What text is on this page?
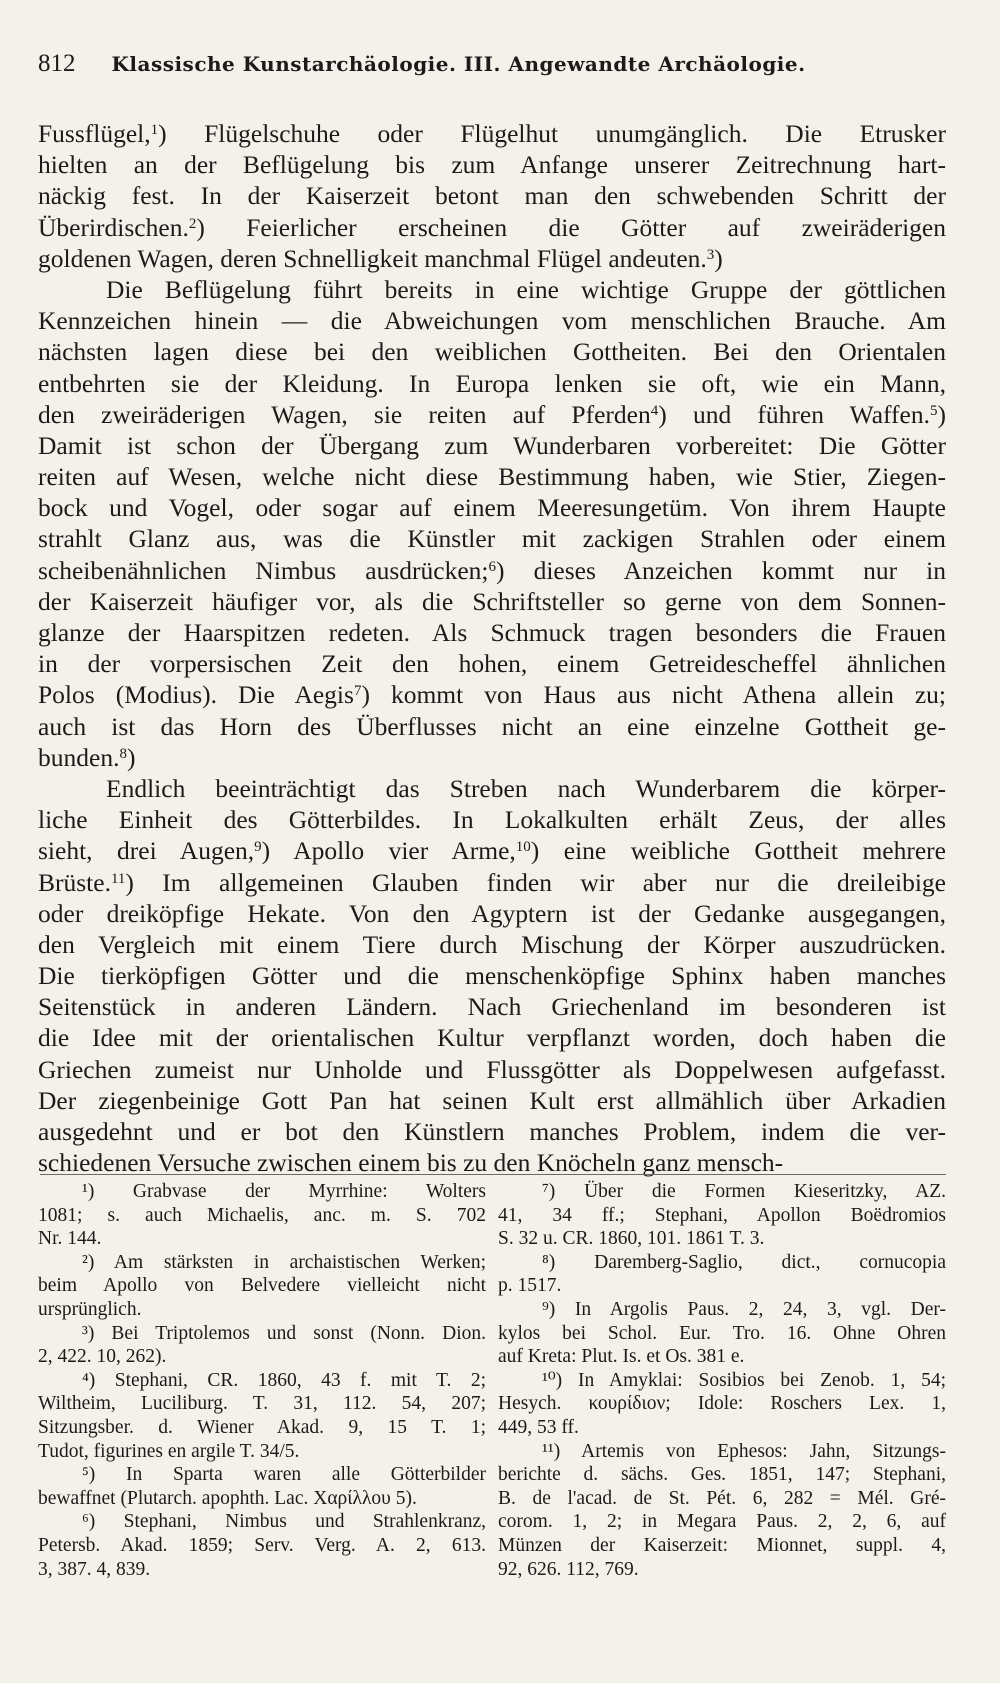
812 Klassische Kunstarchäologie. III. Angewandte Archäologie.
Fussflügel,$^1$) Flügelschuhe oder Flügelhut unumgänglich. Die Etrusker
hielten an der Beflügelung bis zum Anfange unserer Zeitrechnung hart-
näckig fest. In der Kaiserzeit betont man den schwebenden Schritt der
Überirdischen.$^2$) Feierlicher erscheinen die Götter auf zweiräderigen
goldenen Wagen, deren Schnelligkeit manchmal Flügel andeuten.$^3$)
Die Beflügelung führt bereits in eine wichtige Gruppe der göttlichen
Kennzeichen hinein — die Abweichungen vom menschlichen Brauche. Am
nächsten lagen diese bei den weiblichen Gottheiten. Bei den Orientalen
entbehrten sie der Kleidung. In Europa lenken sie oft, wie ein Mann,
den zweiräderigen Wagen, sie reiten auf Pferden$^4$) und führen Waffen.$^5$)
Damit ist schon der Übergang zum Wunderbaren vorbereitet: Die Götter
reiten auf Wesen, welche nicht diese Bestimmung haben, wie Stier, Ziegen-
bock und Vogel, oder sogar auf einem Meeresungetüm. Von ihrem Haupte
strahlt Glanz aus, was die Künstler mit zackigen Strahlen oder einem
scheibenähnlichen Nimbus ausdrücken;$^6$) dieses Anzeichen kommt nur in
der Kaiserzeit häufiger vor, als die Schriftsteller so gerne von dem Sonnen-
glanze der Haarspitzen redeten. Als Schmuck tragen besonders die Frauen
in der vorpersischen Zeit den hohen, einem Getreidescheffel ähnlichen
Polos (Modius). Die Aegis$^7$) kommt von Haus aus nicht Athena allein zu;
auch ist das Horn des Überflusses nicht an eine einzelne Gottheit ge-
bunden.$^8$)
Endlich beeinträchtigt das Streben nach Wunderbarem die körper-
liche Einheit des Götterbildes. In Lokalkulten erhält Zeus, der alles
sieht, drei Augen,$^9$) Apollo vier Arme,$^{10}$) eine weibliche Gottheit mehrere
Brüste.$^{11}$) Im allgemeinen Glauben finden wir aber nur die dreileibige
oder dreiköpfige Hekate. Von den Agyptern ist der Gedanke ausgegangen,
den Vergleich mit einem Tiere durch Mischung der Körper auszudrücken.
Die tierköpfigen Götter und die menschenköpfige Sphinx haben manches
Seitenstück in anderen Ländern. Nach Griechenland im besonderen ist
die Idee mit der orientalischen Kultur verpflanzt worden, doch haben die
Griechen zumeist nur Unholde und Flussgötter als Doppelwesen aufgefasst.
Der ziegenbeinige Gott Pan hat seinen Kult erst allmählich über Arkadien
ausgedehnt und er bot den Künstlern manches Problem, indem die ver-
schiedenen Versuche zwischen einem bis zu den Knöcheln ganz mensch-
¹) Grabvase der Myrrhine: Wolters
1081; s. auch Michaelis, anc. m. S. 702
Nr. 144.
²) Am stärksten in archaistischen Werken;
beim Apollo von Belvedere vielleicht nicht
ursprünglich.
³) Bei Triptolemos und sonst (Nonn. Dion.
2, 422. 10, 262).
⁴) Stephani, CR. 1860, 43 f. mit T. 2;
Wiltheim, Luciliburg. T. 31, 112. 54, 207;
Sitzungsber. d. Wiener Akad. 9, 15 T. 1;
Tudot, figurines en argile T. 34/5.
⁵) In Sparta waren alle Götterbilder
bewaffnet (Plutarch. apophth. Lac. Χαρίλλου 5).
⁶) Stephani, Nimbus und Strahlenkranz,
Petersb. Akad. 1859; Serv. Verg. A. 2, 613.
3, 387. 4, 839.
⁷) Über die Formen Kieseritzky, AZ.
41, 34 ff.; Stephani, Apollon Boëdromios
S. 32 u. CR. 1860, 101. 1861 T. 3.
⁸) Daremberg-Saglio, dict., cornucopia
p. 1517.
⁹) In Argolis Paus. 2, 24, 3, vgl. Der-
kylos bei Schol. Eur. Tro. 16. Ohne Ohren
auf Kreta: Plut. Is. et Os. 381 e.
¹⁰) In Amyklai: Sosibios bei Zenob. 1, 54;
Hesych. κουρίδιον; Idole: Roschers Lex. 1,
449, 53 ff.
¹¹) Artemis von Ephesos: Jahn, Sitzungs-
berichte d. sächs. Ges. 1851, 147; Stephani,
B. de l'acad. de St. Pét. 6, 282 = Mél. Gré-
corom. 1, 2; in Megara Paus. 2, 2, 6, auf
Münzen der Kaiserzeit: Mionnet, suppl. 4,
92, 626. 112, 769.
